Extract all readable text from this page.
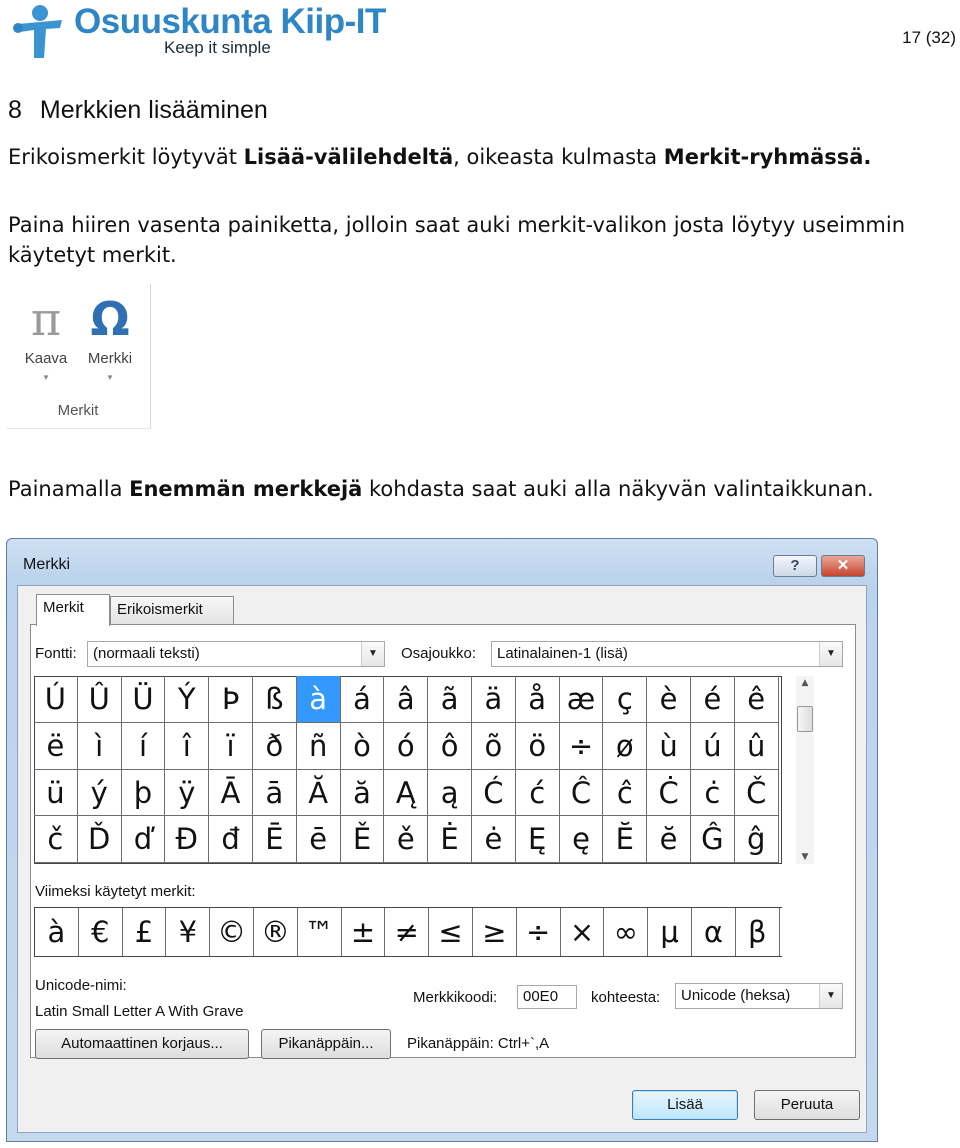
Osuuskunta Kiip-IT
Keep it simple
17 (32)
8 Merkkien lisääminen
Erikoismerkit löytyvät Lisää-välilehdeltä, oikeasta kulmasta Merkit-ryhmässä.
Paina hiiren vasenta painiketta, jolloin saat auki merkit-valikon josta löytyy useimmin käytetyt merkit.
π
Kaava
▼
Ω
Merkki
▼
Merkit
Painamalla Enemmän merkkejä kohdasta saat auki alla näkyvän valintaikkunan.
Merkki	?	✕
Merkit	Erikoismerkit
Fontti:	(normaali teksti)	▼	Osajoukko:	Latinalainen-1 (lisä)	▼
Ú Û Ü Ý Þ ß à á â ã ä å æ ç è é ê
ë	ì	í	î	ï	ð ñ ò ó ô õ ö ÷ ø ù ú û
ü ý þ ÿ Ā ā Ă ă Ą ą Ć ć Ĉ ĉ Ċ ċ Č
č Ď ď Đ đ Ē ē Ě ě Ė ė Ę ę Ĕ ĕ Ĝ ĝ
▲
▼
Viimeksi käytetyt merkit:
à € £ ¥ © ® ™ ± ≠ ≤ ≥ ÷ × ∞ μ α β
Unicode-nimi:
Latin Small Letter A With Grave
Merkkikoodi:	00E0	kohteesta:	Unicode (heksa)	▼
Automaattinen korjaus...	Pikanäppäin...	Pikanäppäin: Ctrl+`,A
Lisää	Peruuta
